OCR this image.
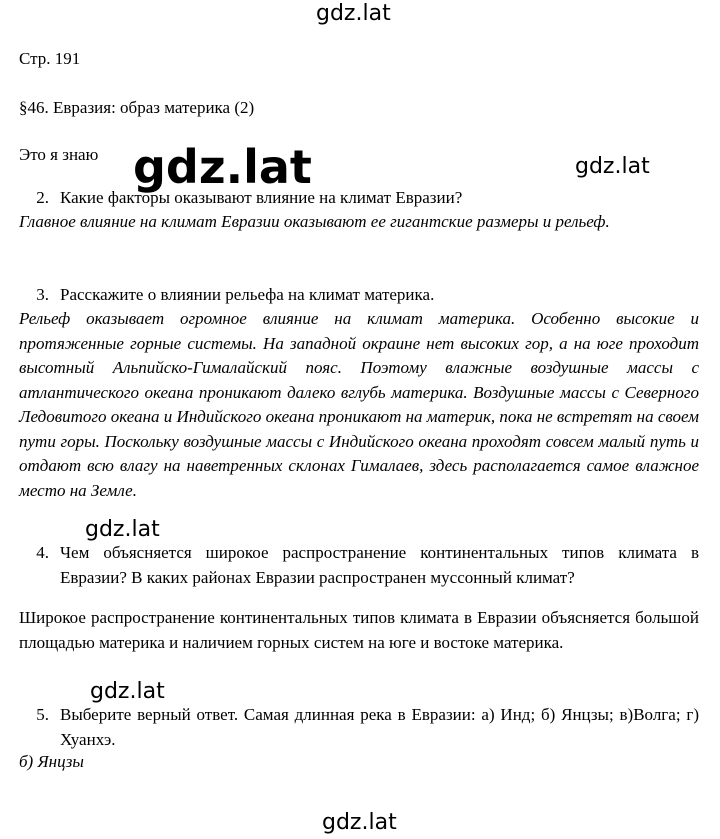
gdz.lat
gdz.lat	gdz.lat
gdz.lat
gdz.lat
gdz.lat
Стр. 191
§46. Евразия: образ материка (2)
Это я знаю
2. Какие факторы оказывают влияние на климат Евразии?
Главное влияние на климат Евразии оказывают ее гигантские размеры и рельеф.
3. Расскажите о влиянии рельефа на климат материка.
Рельеф оказывает огромное влияние на климат материка. Особенно высокие и протяженные горные системы. На западной окраине нет высоких гор, а на юге проходит высотный Альпийско-Гималайский пояс. Поэтому влажные воздушные массы с атлантического океана проникают далеко вглубь материка. Воздушные массы с Северного Ледовитого океана и Индийского океана проникают на материк, пока не встретят на своем пути горы. Поскольку воздушные массы с Индийского океана проходят совсем малый путь и отдают всю влагу на наветренных склонах Гималаев, здесь располагается самое влажное место на Земле.
4. Чем объясняется широкое распространение континентальных типов климата в Евразии? В каких районах Евразии распространен муссонный климат?
Широкое распространение континентальных типов климата в Евразии объясняется большой площадью материка и наличием горных систем на юге и востоке материка.
5. Выберите верный ответ. Самая длинная река в Евразии: а) Инд; б) Янцзы; в)Волга; г) Хуанхэ.
б) Янцзы
